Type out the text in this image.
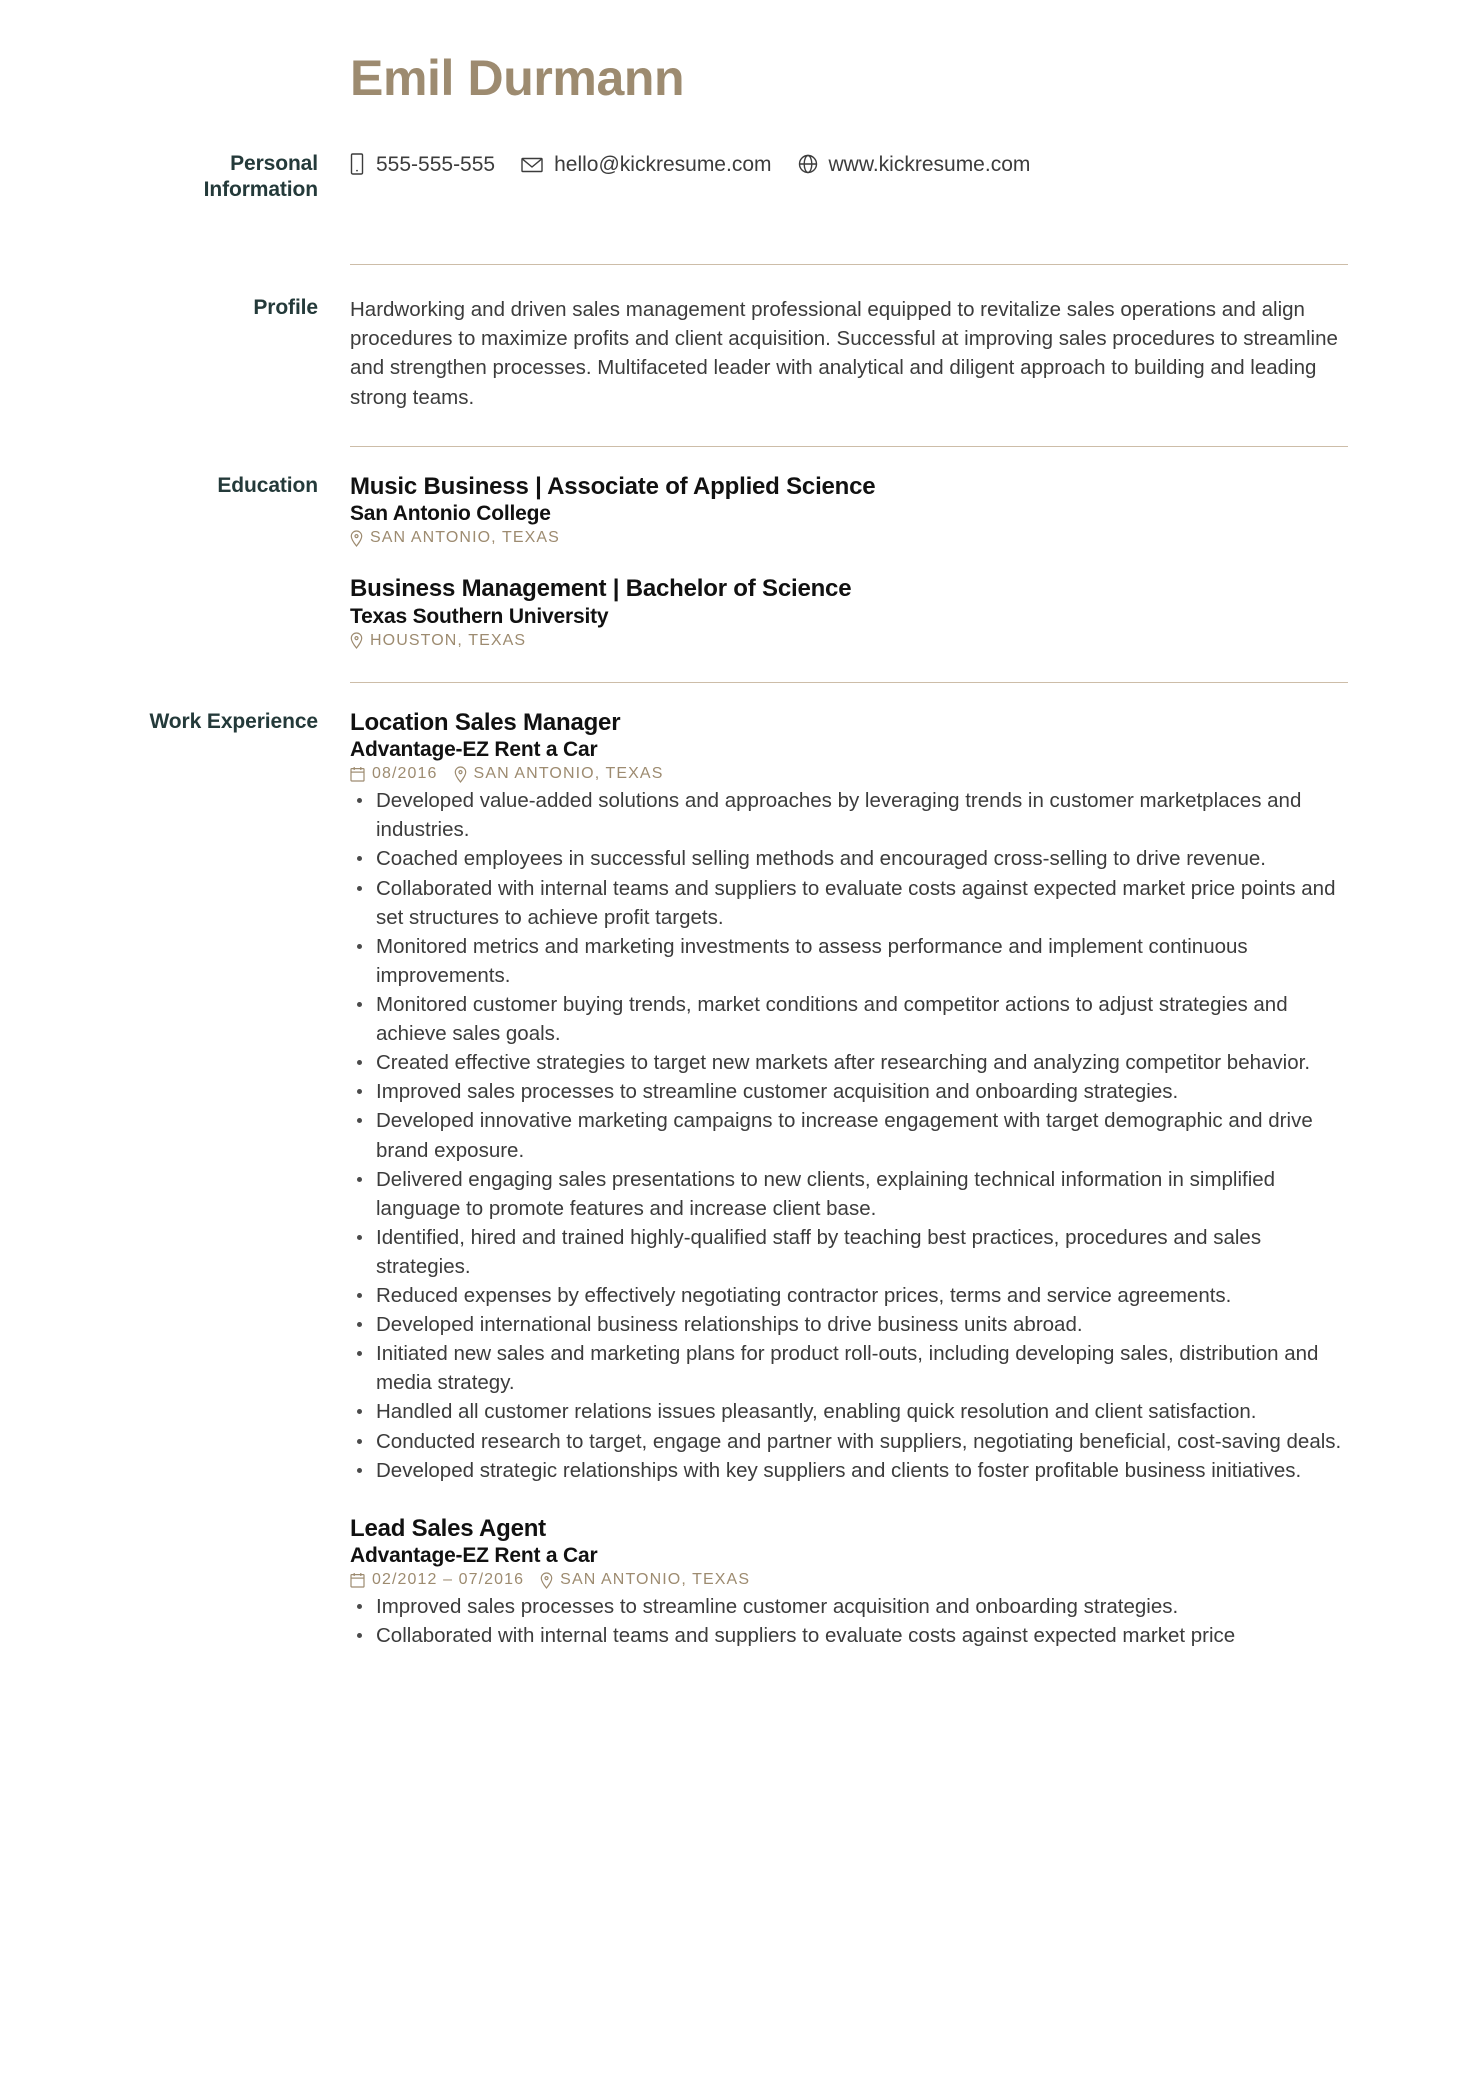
Emil Durmann
Personal
Information
555-555-555	hello@kickresume.com	www.kickresume.com
Profile	Hardworking and driven sales management professional equipped to revitalize sales operations and align procedures to maximize profits and client acquisition. Successful at improving sales procedures to streamline and strengthen processes. Multifaceted leader with analytical and diligent approach to building and leading strong teams.
Education	Music Business | Associate of Applied Science
San Antonio College
SAN ANTONIO, TEXAS
Business Management | Bachelor of Science
Texas Southern University
HOUSTON, TEXAS
Work Experience	Location Sales Manager
Advantage-EZ Rent a Car
08/2016 SAN ANTONIO, TEXAS
Developed value-added solutions and approaches by leveraging trends in customer marketplaces and industries.
Coached employees in successful selling methods and encouraged cross-selling to drive revenue.
Collaborated with internal teams and suppliers to evaluate costs against expected market price points and set structures to achieve profit targets.
Monitored metrics and marketing investments to assess performance and implement continuous improvements.
Monitored customer buying trends, market conditions and competitor actions to adjust strategies and achieve sales goals.
Created effective strategies to target new markets after researching and analyzing competitor behavior.
Improved sales processes to streamline customer acquisition and onboarding strategies.
Developed innovative marketing campaigns to increase engagement with target demographic and drive brand exposure.
Delivered engaging sales presentations to new clients, explaining technical information in simplified language to promote features and increase client base.
Identified, hired and trained highly-qualified staff by teaching best practices, procedures and sales strategies.
Reduced expenses by effectively negotiating contractor prices, terms and service agreements.
Developed international business relationships to drive business units abroad.
Initiated new sales and marketing plans for product roll-outs, including developing sales, distribution and media strategy.
Handled all customer relations issues pleasantly, enabling quick resolution and client satisfaction.
Conducted research to target, engage and partner with suppliers, negotiating beneficial, cost-saving deals.
Developed strategic relationships with key suppliers and clients to foster profitable business initiatives.
Lead Sales Agent
Advantage-EZ Rent a Car
02/2012 – 07/2016 SAN ANTONIO, TEXAS
Improved sales processes to streamline customer acquisition and onboarding strategies.
Collaborated with internal teams and suppliers to evaluate costs against expected market price
